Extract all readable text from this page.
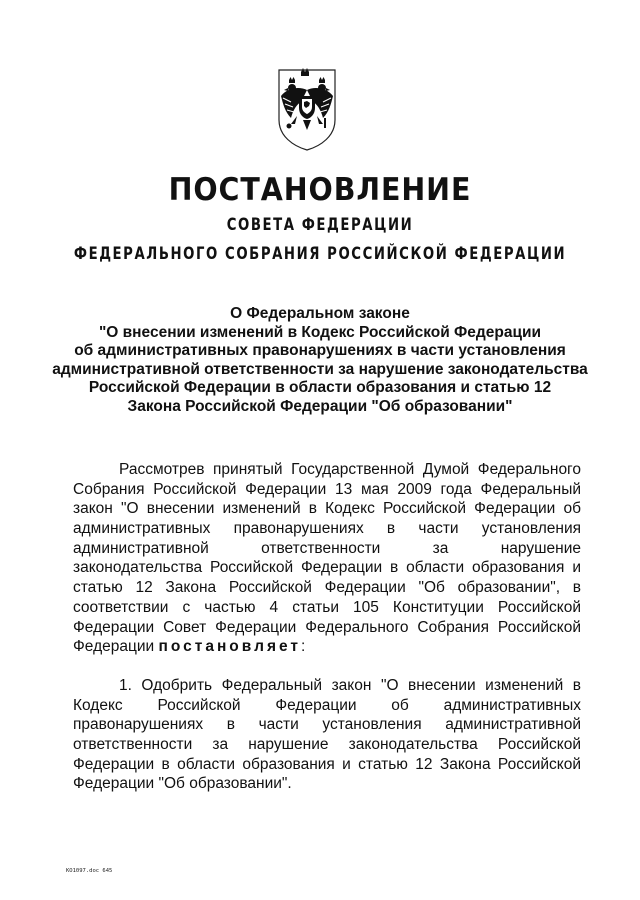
ПОСТАНОВЛЕНИЕ
СОВЕТА ФЕДЕРАЦИИ
ФЕДЕРАЛЬНОГО СОБРАНИЯ РОССИЙСКОЙ ФЕДЕРАЦИИ
О Федеральном законе
"О внесении изменений в Кодекс Российской Федерации
об административных правонарушениях в части установления
административной ответственности за нарушение законодательства
Российской Федерации в области образования и статью 12
Закона Российской Федерации "Об образовании"
Рассмотрев принятый Государственной Думой Федерального
Собрания Российской Федерации 13 мая 2009 года Федеральный
закон "О внесении изменений в Кодекс Российской Федерации об
административных правонарушениях в части установления
административной ответственности за нарушение
законодательства Российской Федерации в области образования и
статью 12 Закона Российской Федерации "Об образовании", в
соответствии с частью 4 статьи 105 Конституции Российской
Федерации Совет Федерации Федерального Собрания Российской
Федерации постановляет:
1. Одобрить Федеральный закон "О внесении изменений в
Кодекс Российской Федерации об административных
правонарушениях в части установления административной
ответственности за нарушение законодательства Российской
Федерации в области образования и статью 12 Закона Российской
Федерации "Об образовании".
КО1097.doc 645
